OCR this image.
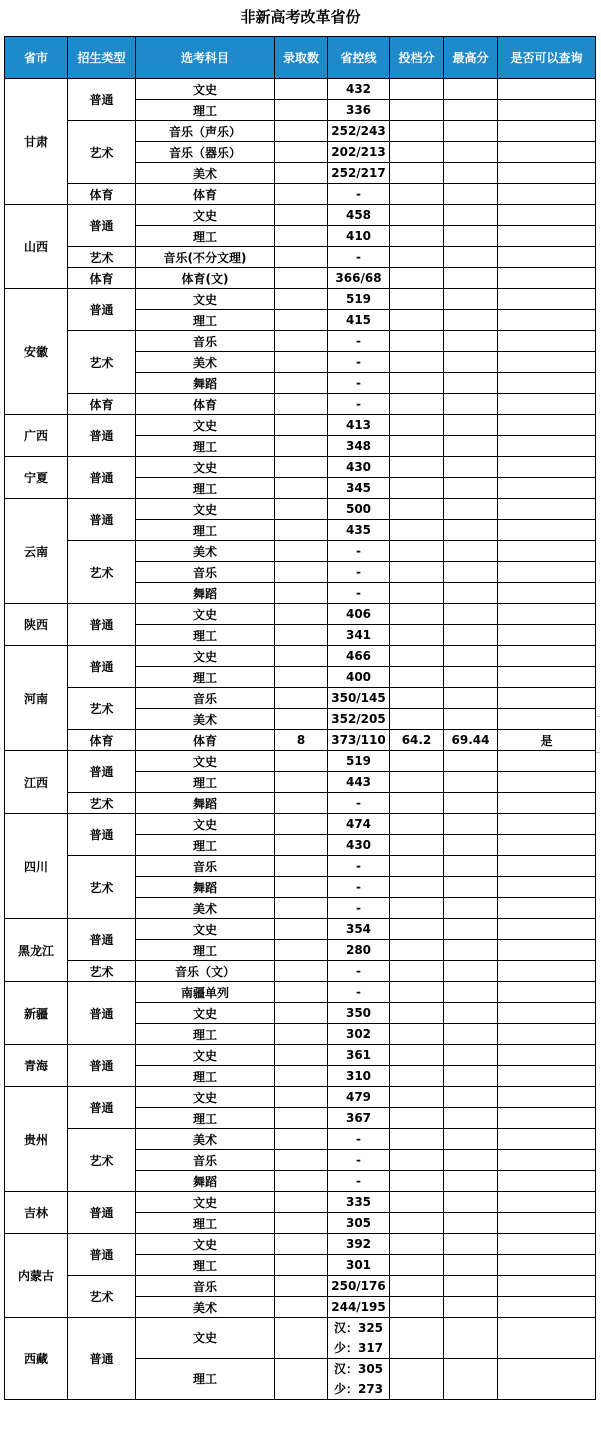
非新高考改革省份
省市	招生类型	选考科目	录取数	省控线	投档分	最高分	是否可以查询
甘肃	普通	文史		432			
		理工		336			
	艺术	音乐（声乐）		252/243			
		音乐（器乐）		202/213			
		美术		252/217			
	体育	体育		-			
山西	普通	文史		458			
		理工		410			
	艺术	音乐(不分文理)		-			
	体育	体育(文)		366/68			
安徽	普通	文史		519			
		理工		415			
	艺术	音乐		-			
		美术		-			
		舞蹈		-			
	体育	体育		-			
广西	普通	文史		413			
		理工		348			
宁夏	普通	文史		430			
		理工		345			
云南	普通	文史		500			
		理工		435			
	艺术	美术		-			
		音乐		-			
		舞蹈		-			
陕西	普通	文史		406			
		理工		341			
河南	普通	文史		466			
		理工		400			
	艺术	音乐		350/145			
		美术		352/205			
	体育	体育	8	373/110	64.2	69.44	是
江西	普通	文史		519			
		理工		443			
	艺术	舞蹈		-			
四川	普通	文史		474			
		理工		430			
	艺术	音乐		-			
		舞蹈		-			
		美术		-			
黑龙江	普通	文史		354			
		理工		280			
	艺术	音乐（文）		-			
新疆	普通	南疆单列		-			
		文史		350			
		理工		302			
青海	普通	文史		361			
		理工		310			
贵州	普通	文史		479			
		理工		367			
	艺术	美术		-			
		音乐		-			
		舞蹈		-			
吉林	普通	文史		335			
		理工		305			
内蒙古	普通	文史		392			
		理工		301			
	艺术	音乐		250/176			
		美术		244/195			
西藏	普通	文史		汉：325
少：317			

		理工		汉：305
少：273			
